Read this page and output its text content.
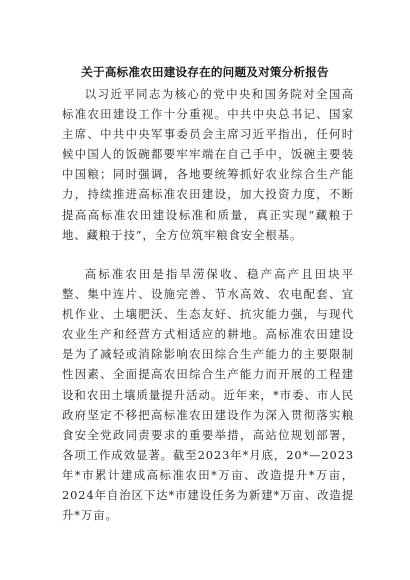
关于高标准农田建设存在的问题及对策分析报告

以习近平同志为核心的党中央和国务院对全国高标准农田建设工作十分重视。中共中央总书记、国家主席、中共中央军事委员会主席习近平指出，任何时候中国人的饭碗都要牢牢端在自己手中，饭碗主要装中国粮；同时强调，各地要统筹抓好农业综合生产能力，持续推进高标准农田建设，加大投资力度，不断提高高标准农田建设标准和质量，真正实现“藏粮于地、藏粮于技”，全方位筑牢粮食安全根基。

高标准农田是指旱涝保收、稳产高产且田块平整、集中连片、设施完善、节水高效、农电配套、宜机作业、土壤肥沃、生态友好、抗灾能力强，与现代农业生产和经营方式相适应的耕地。高标准农田建设是为了减轻或消除影响农田综合生产能力的主要限制性因素、全面提高农田综合生产能力而开展的工程建设和农田土壤质量提升活动。近年来，*市委、市人民政府坚定不移把高标准农田建设作为深入贯彻落实粮食安全党政同责要求的重要举措，高站位规划部署，各项工作成效显著。截至2023年*月底，20*—2023年*市累计建成高标准农田*万亩、改造提升*万亩，2024年自治区下达*市建设任务为新建*万亩、改造提升*万亩。
